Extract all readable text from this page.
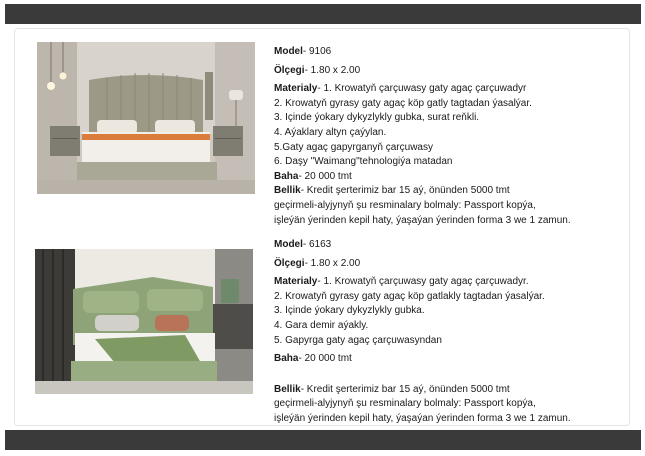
Model- 9106
Ölçegi- 1.80 x 2.00
Materialy- 1. Krowatyň çarçuwasy gaty agaç çarçuwadyr
2. Krowatyň gyrasy gaty agaç köp gatly tagtadan ýasalýar.
3. Içinde ýokary dykyzlykly gubka, surat reňkli.
4. Aýaklary altyn çaýylan.
5.Gaty agaç gapyrganyň çarçuwasy
6. Daşy "Waimang"tehnologiýa matadan
Baha- 20 000 tmt
Bellik- Kredit şerterimiz bar 15 aý, önünden 5000 tmt
geçirmeli-alyjynyň şu resminalary bolmaly: Passport kopýa,
işleýän ýerinden kepil haty, ýaşaýan ýerinden forma 3 we 1 zamun.
Model- 6163
Ölçegi- 1.80 x 2.00
Materialy- 1. Krowatyň çarçuwasy gaty agaç çarçuwadyr.
2. Krowatyň gyrasy gaty agaç köp gatlakly tagtadan ýasalýar.
3. Içinde ýokary dykyzlykly gubka.
4. Gara demir aýakly.
5. Gapyrga gaty agaç çarçuwasyndan
Baha- 20 000 tmt
Bellik- Kredit şerterimiz bar 15 aý, önünden 5000 tmt
geçirmeli-alyjynyň şu resminalary bolmaly: Passport kopýa,
işleýän ýerinden kepil haty, ýaşaýan ýerinden forma 3 we 1 zamun.
